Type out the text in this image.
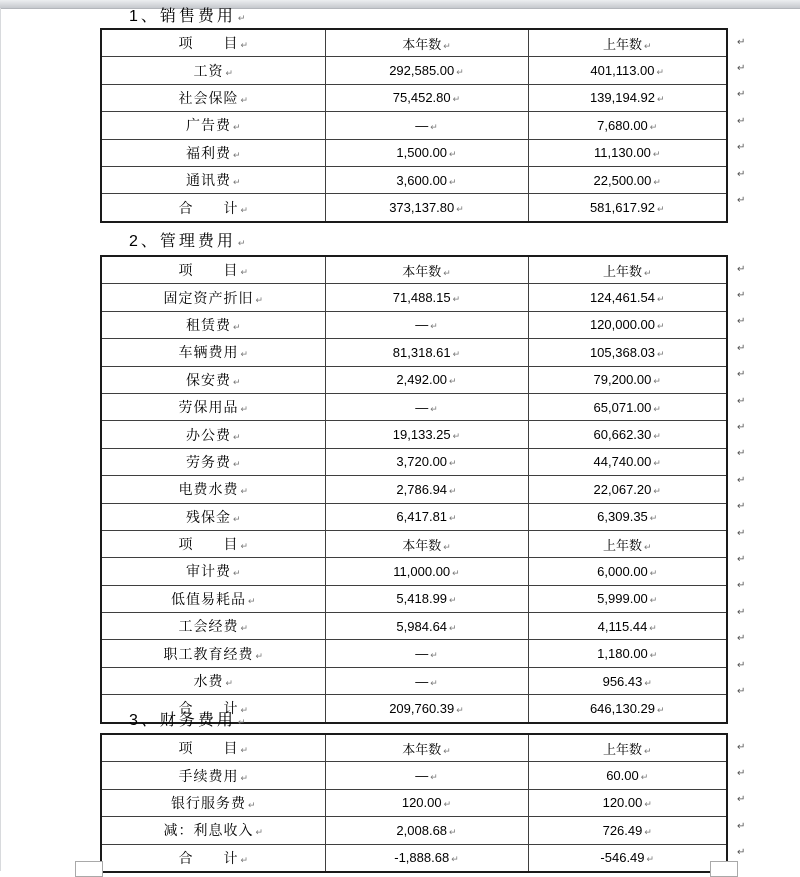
1、销售费用 ↵
项　　目 ↵	本年数 ↵	上年数 ↵
工资 ↵	292,585.00 ↵	401,113.00 ↵
社会保险 ↵	75,452.80 ↵	139,194.92 ↵
广告费 ↵	— ↵	7,680.00 ↵
福利费 ↵	1,500.00 ↵	11,130.00 ↵
通讯费 ↵	3,600.00 ↵	22,500.00 ↵
合　　计 ↵	373,137.80 ↵	581,617.92 ↵
↵
↵
↵
↵
↵
↵
↵
2、管理费用 ↵
项　　目 ↵	本年数 ↵	上年数 ↵
固定资产折旧 ↵	71,488.15 ↵	124,461.54 ↵
租赁费 ↵	— ↵	120,000.00 ↵
车辆费用 ↵	81,318.61 ↵	105,368.03 ↵
保安费 ↵	2,492.00 ↵	79,200.00 ↵
劳保用品 ↵	— ↵	65,071.00 ↵
办公费 ↵	19,133.25 ↵	60,662.30 ↵
劳务费 ↵	3,720.00 ↵	44,740.00 ↵
电费水费 ↵	2,786.94 ↵	22,067.20 ↵
残保金 ↵	6,417.81 ↵	6,309.35 ↵
项　　目 ↵	本年数 ↵	上年数 ↵
审计费 ↵	11,000.00 ↵	6,000.00 ↵
低值易耗品 ↵	5,418.99 ↵	5,999.00 ↵
工会经费 ↵	5,984.64 ↵	4,115.44 ↵
职工教育经费 ↵	— ↵	1,180.00 ↵
水费 ↵	— ↵	956.43 ↵
合　　计 ↵	209,760.39 ↵	646,130.29 ↵
↵
↵
↵
↵
↵
↵
↵
↵
↵
↵
↵
↵
↵
↵
↵
↵
↵
3、财务费用 ↵
项　　目 ↵	本年数 ↵	上年数 ↵
手续费用 ↵	— ↵	60.00 ↵
银行服务费 ↵	120.00 ↵	120.00 ↵
减：利息收入 ↵	2,008.68 ↵	726.49 ↵
合　　计 ↵	-1,888.68 ↵	-546.49 ↵
↵
↵
↵
↵
↵
